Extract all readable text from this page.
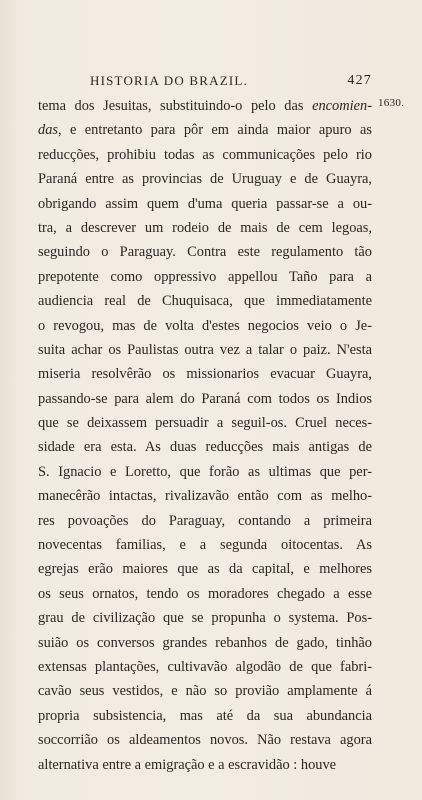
HISTORIA DO BRAZIL.	427
1630.
tema dos Jesuitas, substituindo-o pelo das encomien-
das, e entretanto para pôr em ainda maior apuro as
reducções, prohibiu todas as communicações pelo rio
Paraná entre as provincias de Uruguay e de Guayra,
obrigando assim quem d'uma queria passar-se a ou-
tra, a descrever um rodeio de mais de cem legoas,
seguindo o Paraguay. Contra este regulamento tão
prepotente como oppressivo appellou Taño para a
audiencia real de Chuquisaca, que immediatamente
o revogou, mas de volta d'estes negocios veio o Je-
suita achar os Paulistas outra vez a talar o paiz. N'esta
miseria resolvêrão os missionarios evacuar Guayra,
passando-se para alem do Paraná com todos os Indios
que se deixassem persuadir a seguil-os. Cruel neces-
sidade era esta. As duas reducções mais antigas de
S. Ignacio e Loretto, que forão as ultimas que per-
manecêrão intactas, rivalizavão então com as melho-
res povoações do Paraguay, contando a primeira
novecentas familias, e a segunda oitocentas. As
egrejas erão maiores que as da capital, e melhores
os seus ornatos, tendo os moradores chegado a esse
grau de civilização que se propunha o systema. Pos-
suião os conversos grandes rebanhos de gado, tinhão
extensas plantações, cultivavão algodão de que fabri-
cavão seus vestidos, e não so provião amplamente á
propria subsistencia, mas até da sua abundancia
soccorrião os aldeamentos novos. Não restava agora
alternativa entre a emigração e a escravidão : houve
